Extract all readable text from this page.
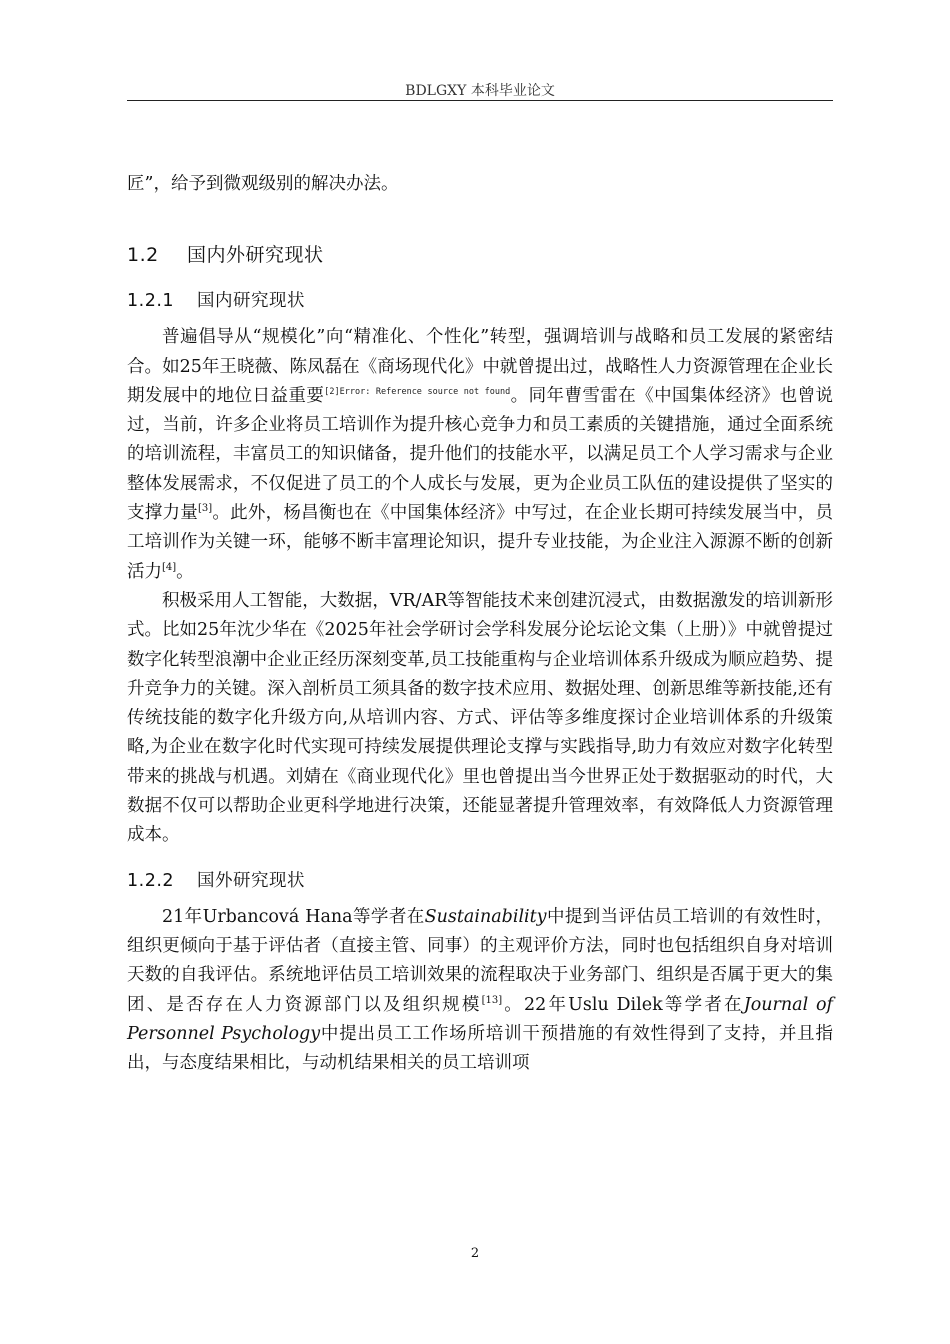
BDLGXY 本科毕业论文

匠”，给予到微观级别的解决办法。

1.2 国内外研究现状
1.2.1 国内研究现状

普遍倡导从“规模化”向“精准化、个性化”转型，强调培训与战略和员工发展的紧密结合。如25年王晓薇、陈凤磊在《商场现代化》中就曾提出过，战略性人力资源管理在企业长期发展中的地位日益重要$^{[2]Error: Reference source not found}$。同年曹雪雷在《中国集体经济》也曾说过，当前，许多企业将员工培训作为提升核心竞争力和员工素质的关键措施，通过全面系统的培训流程，丰富员工的知识储备，提升他们的技能水平，以满足员工个人学习需求与企业整体发展需求，不仅促进了员工的个人成长与发展，更为企业员工队伍的建设提供了坚实的支撑力量[3]。此外，杨昌衡也在《中国集体经济》中写过，在企业长期可持续发展当中，员工培训作为关键一环，能够不断丰富理论知识，提升专业技能，为企业注入源源不断的创新活力[4]。

积极采用人工智能，大数据，VR/AR等智能技术来创建沉浸式，由数据激发的培训新形式。比如25年沈少华在《2025年社会学研讨会学科发展分论坛论文集（上册）》中就曾提过数字化转型浪潮中企业正经历深刻变革,员工技能重构与企业培训体系升级成为顺应趋势、提升竞争力的关键。深入剖析员工须具备的数字技术应用、数据处理、创新思维等新技能,还有传统技能的数字化升级方向,从培训内容、方式、评估等多维度探讨企业培训体系的升级策略,为企业在数字化时代实现可持续发展提供理论支撑与实践指导,助力有效应对数字化转型带来的挑战与机遇。刘婧在《商业现代化》里也曾提出当今世界正处于数据驱动的时代，大数据不仅可以帮助企业更科学地进行决策，还能显著提升管理效率，有效降低人力资源管理成本。

1.2.2 国外研究现状

21年Urbancová Hana等学者在Sustainability中提到当评估员工培训的有效性时，组织更倾向于基于评估者（直接主管、同事）的主观评价方法，同时也包括组织自身对培训天数的自我评估。系统地评估员工培训效果的流程取决于业务部门、组织是否属于更大的集团、是否存在人力资源部门以及组织规模[13]。22年Uslu Dilek等学者在Journal of Personnel Psychology中提出员工工作场所培训干预措施的有效性得到了支持，并且指出，与态度结果相比，与动机结果相关的员工培训项

2
